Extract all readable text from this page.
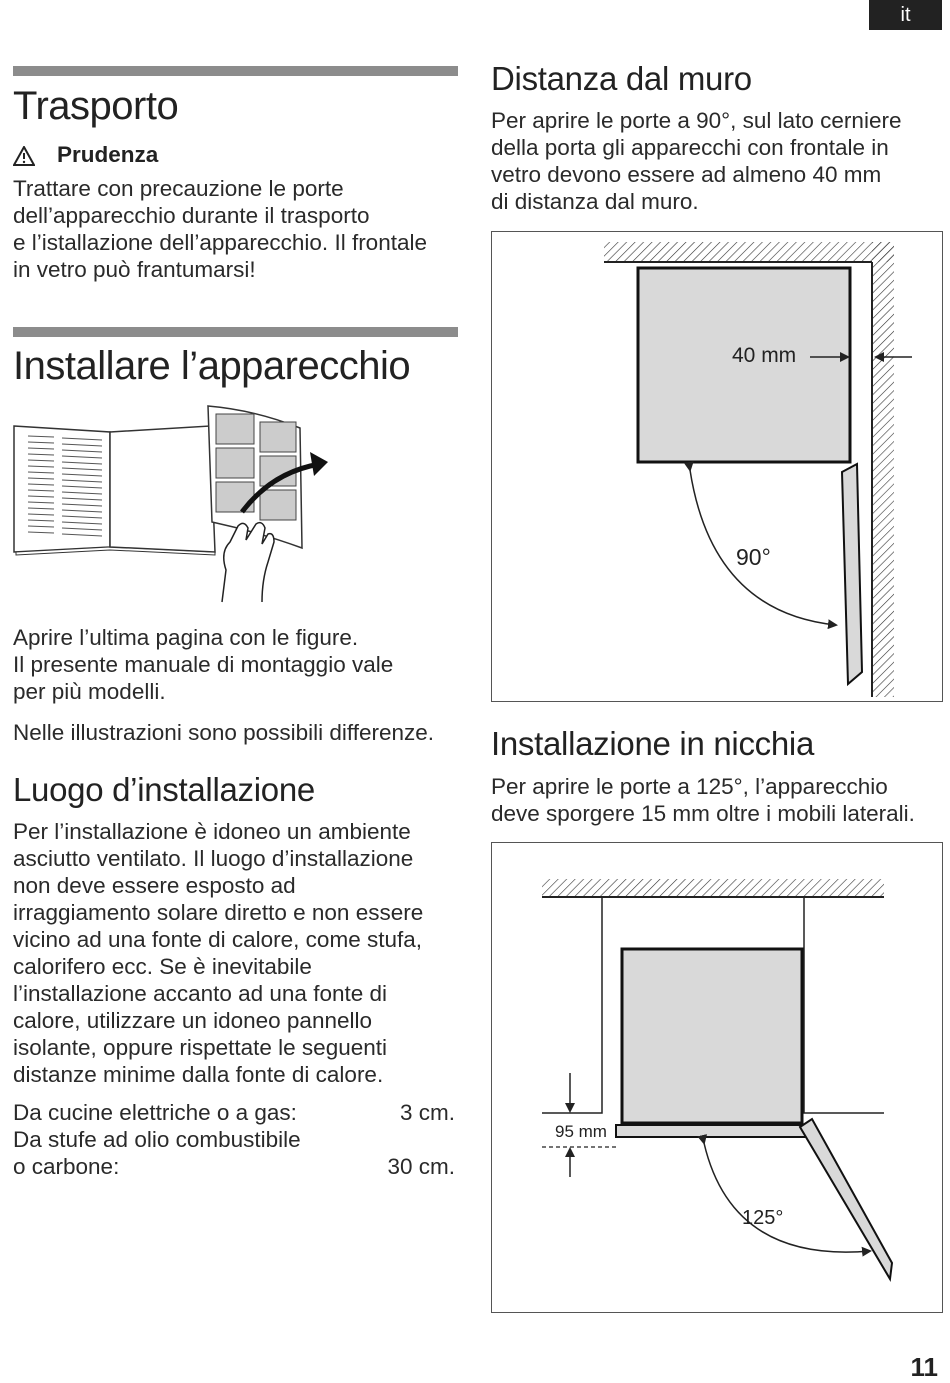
it
11
Trasporto
Prudenza

Trattare con precauzione le porte
dell’apparecchio durante il trasporto
e l’istallazione dell’apparecchio. Il frontale
in vetro può frantumarsi!

Installare l’apparecchio

Aprire l’ultima pagina con le figure.
Il presente manuale di montaggio vale
per più modelli.

Nelle illustrazioni sono possibili differenze.

Luogo d’installazione

Per l’installazione è idoneo un ambiente
asciutto ventilato. Il luogo d’installazione
non deve essere esposto ad
irraggiamento solare diretto e non essere
vicino ad una fonte di calore, come stufa,
calorifero ecc. Se è inevitabile
l’installazione accanto ad una fonte di
calore, utilizzare un idoneo pannello
isolante, oppure rispettate le seguenti
distanze minime dalla fonte di calore.

Da cucine elettriche o a gas:	3 cm.
Da stufe ad olio combustibile
o carbone:	30 cm.
Distanza dal muro

Per aprire le porte a 90°, sul lato cerniere
della porta gli apparecchi con frontale in
vetro devono essere ad almeno 40 mm
di distanza dal muro.

40 mm
90°
Installazione in nicchia

Per aprire le porte a 125°, l’apparecchio
deve sporgere 15 mm oltre i mobili laterali.

95 mm
125°
